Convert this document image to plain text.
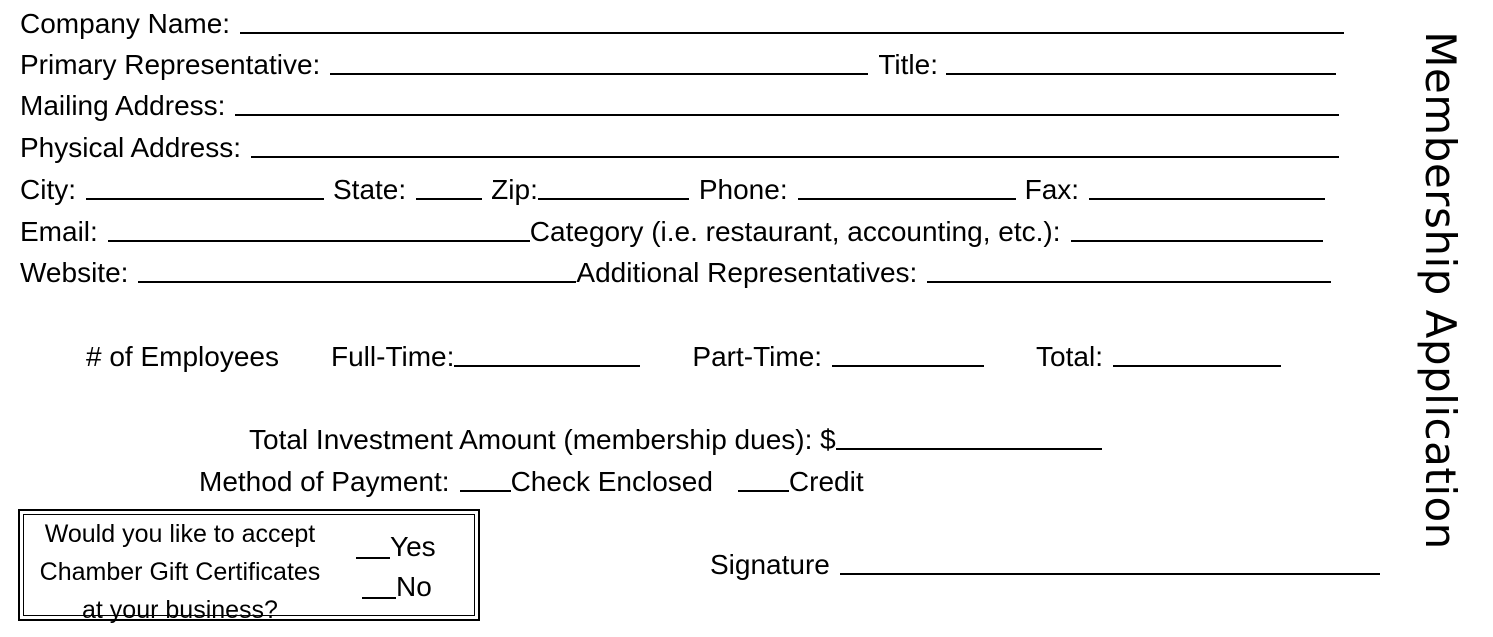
Company Name:
Primary Representative:	Title:
Mailing Address:
Physical Address:
City:	State:	Zip:	Phone:	Fax:
Email:	Category (i.e. restaurant, accounting, etc.):
Website:	Additional Representatives:
# of Employees Full-Time:	Part-Time:	Total:
Total Investment Amount (membership dues): $
Method of Payment: Check Enclosed	Credit
Signature
Would you like to accept
Chamber Gift Certificates
at your business?
Yes
No
Membership Application
